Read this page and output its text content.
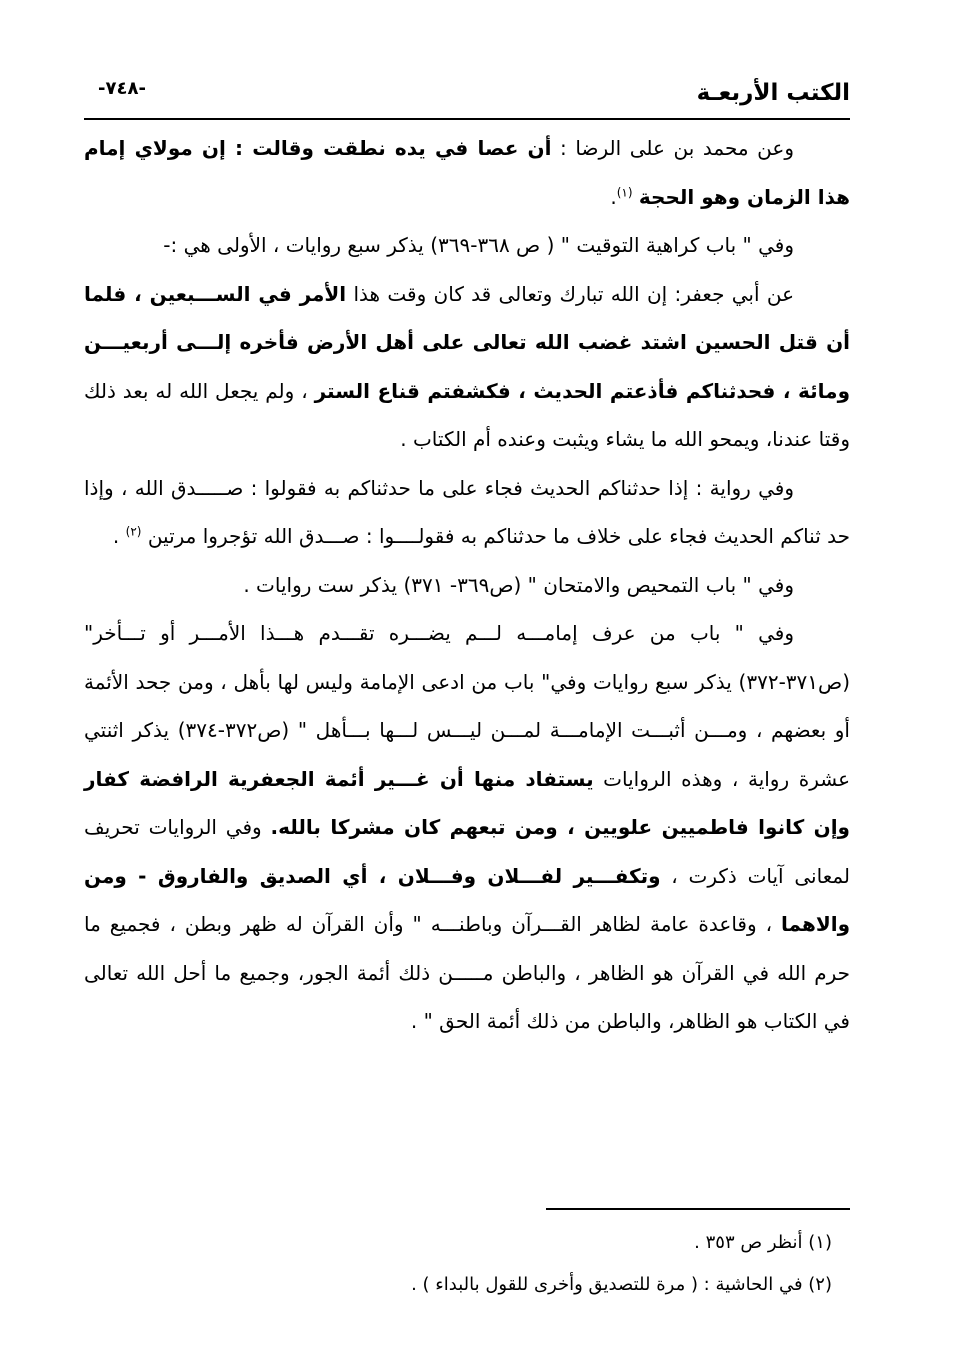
الكتب الأربعـة
-٧٤٨-

وعن محمد بن على الرضا : أن عصا في يده نطقت وقالت : إن مولاي إمام هذا الزمان وهو الحجة $^{(١)}$.

وفي " باب كراهية التوقيت " ( ص ٣٦٨-٣٦٩) يذكر سبع روايات ، الأولى هي :-

عن أبي جعفر: إن الله تبارك وتعالى قد كان وقت هذا الأمر في الســـبعين ، فلما أن قتل الحسين اشتد غضب الله تعالى على أهل الأرض فأخره إلـــى أربعيـــن ومائة ، فحدثناكم فأذعتم الحديث ، فكشفتم قناع الستر ، ولم يجعل الله له بعد ذلك وقتا عندنا، ويمحو الله ما يشاء ويثبت وعنده أم الكتاب .

وفي رواية : إذا حدثناكم الحديث فجاء على ما حدثناكم به فقولوا : صـــــدق الله ، وإذا حد ثناكم الحديث فجاء على خلاف ما حدثناكم به فقولــــوا : صـــدق الله تؤجروا مرتين $^{(٢)}$ .

وفي " باب التمحيص والامتحان " (ص٣٦٩- ٣٧١) يذكر ست روايات .

وفي " باب من عرف إمامـــه لـــم يضـــره تقـــدم هـــذا الأمـــر أو تـــأخر" (ص٣٧١-٣٧٢) يذكر سبع روايات وفي" باب من ادعى الإمامة وليس لها بأهل ، ومن جحد الأئمة أو بعضهم ، ومـــن أثبـــت الإمامـــة لمـــن ليـــس لـــها بـــأهل " (ص٣٧٢-٣٧٤) يذكر اثنتي عشرة رواية ، وهذه الروايات يستفاد منها أن غـــير أئمة الجعفرية الرافضة كفار وإن كانوا فاطميين علويين ، ومن تبعهم كان مشركا بالله. وفي الروايات تحريف لمعانى آيات ذكرت ، وتكفـــير لفـــلان وفـــلان ، أي الصديق والفاروق - ومن والاهما ، وقاعدة عامة لظاهر القـــرآن وباطنـــه " وأن القرآن له ظهر وبطن ، فجميع ما حرم الله في القرآن هو الظاهر ، والباطن مـــــن ذلك أئمة الجور، وجميع ما أحل الله تعالى في الكتاب هو الظاهر، والباطن من ذلك أئمة الحق " .

(١) أنظر ص ٣٥٣ .

(٢) في الحاشية : ( مرة للتصديق وأخرى للقول بالبداء ) .
